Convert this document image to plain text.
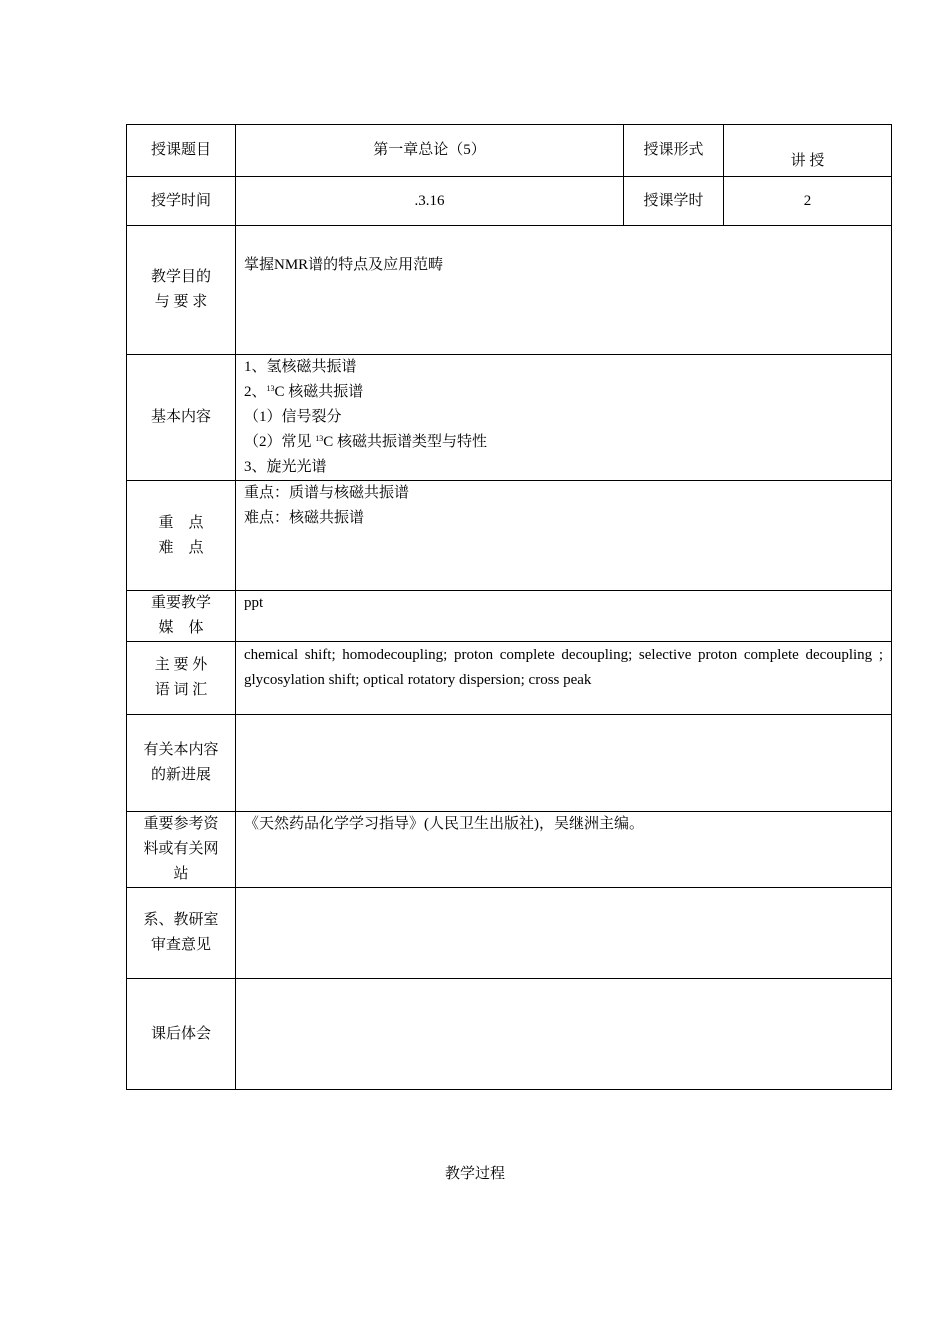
授课题目	第一章总论（5）	授课形式	讲 授
授学时间	.3.16	授课学时	2

教学目的
与 要 求	掌握NMR谱的特点及应用范畴		
基本内容	1、氢核磁共振谱
2、$^{13}$C 核磁共振谱
（1）信号裂分
（2）常见 $^{13}$C 核磁共振谱类型与特性
3、旋光光谱		

重　点
难　点	重点：质谱与核磁共振谱
难点：核磁共振谱		

重要教学
媒　体	ppt		

主 要 外
语 词 汇	chemical shift; homodecoupling; proton complete decoupling; selective proton complete decoupling ; glycosylation shift; optical rotatory dispersion; cross peak		

有关本内容
的新进展			

重要参考资
料或有关网
站	《天然药品化学学习指导》(人民卫生出版社)，吴继洲主编。		

系、教研室
审查意见			

课后体会			
教学过程
